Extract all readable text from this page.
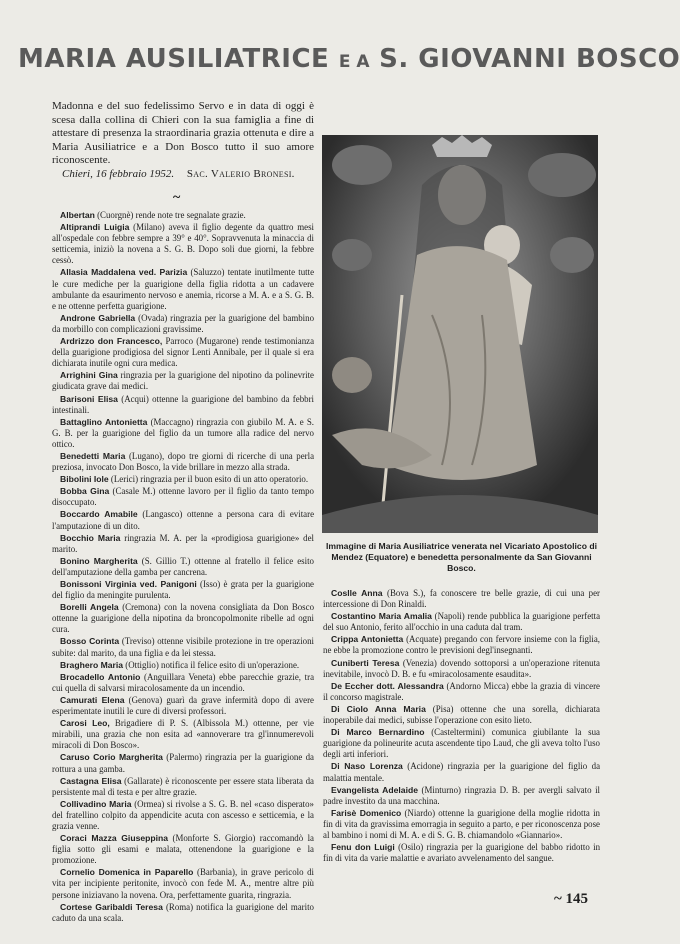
MARIA AUSILIATRICE E A S. GIOVANNI BOSCO
Madonna e del suo fedelissimo Servo e in data di oggi è scesa dalla collina di Chieri con la sua famiglia a fine di attestare di presenza la straordinaria grazia ottenuta e dire a Maria Ausiliatrice e a Don Bosco tutto il suo amore riconoscente.
Chieri, 16 febbraio 1952. Sac. Valerio Bronesi.
~
Albertan (Cuorgnè) rende note tre segnalate grazie.
Altiprandi Luigia (Milano) aveva il figlio degente da quattro mesi all'ospedale con febbre sempre a 39° e 40°. Sopravvenuta la minaccia di setticemia, iniziò la novena a S. G. B. Dopo soli due giorni, la febbre cessò.
Allasia Maddalena ved. Parizia (Saluzzo) tentate inutilmente tutte le cure mediche per la guarigione della figlia ridotta a un cadavere ambulante da esaurimento nervoso e anemia, ricorse a M. A. e a S. G. B. e ne ottenne perfetta guarigione.
Androne Gabriella (Ovada) ringrazia per la guarigione del bambino da morbillo con complicazioni gravissime.
Ardrizzo don Francesco, Parroco (Mugarone) rende testimonianza della guarigione prodigiosa del signor Lenti Annibale, per il quale si era dichiarata inutile ogni cura medica.
Arrighini Gina ringrazia per la guarigione del nipotino da polinevrite giudicata grave dai medici.
Barisoni Elisa (Acqui) ottenne la guarigione del bambino da febbri intestinali.
Battaglino Antonietta (Maccagno) ringrazia con giubilo M. A. e S. G. B. per la guarigione del figlio da un tumore alla radice del nervo ottico.
Benedetti Maria (Lugano), dopo tre giorni di ricerche di una perla preziosa, invocato Don Bosco, la vide brillare in mezzo alla strada.
Bibolini Iole (Lerici) ringrazia per il buon esito di un atto operatorio.
Bobba Gina (Casale M.) ottenne lavoro per il figlio da tanto tempo disoccupato.
Boccardo Amabile (Langasco) ottenne a persona cara di evitare l'amputazione di un dito.
Bocchio Maria ringrazia M. A. per la «prodigiosa guarigione» del marito.
Bonino Margherita (S. Gillio T.) ottenne al fratello il felice esito dell'amputazione della gamba per cancrena.
Bonissoni Virginia ved. Panigoni (Isso) è grata per la guarigione del figlio da meningite purulenta.
Borelli Angela (Cremona) con la novena consigliata da Don Bosco ottenne la guarigione della nipotina da broncopolmonite ribelle ad ogni cura.
Bosso Corinta (Treviso) ottenne visibile protezione in tre operazioni subite: dal marito, da una figlia e da lei stessa.
Braghero Maria (Ottiglio) notifica il felice esito di un'operazione.
Brocadello Antonio (Anguillara Veneta) ebbe parecchie grazie, tra cui quella di salvarsi miracolosamente da un incendio.
Camurati Elena (Genova) guarì da grave infermità dopo di avere esperimentate inutili le cure di diversi professori.
Carosi Leo, Brigadiere di P. S. (Albissola M.) ottenne, per vie mirabili, una grazia che non esita ad «annoverare tra gl'innumerevoli miracoli di Don Bosco».
Caruso Corio Margherita (Palermo) ringrazia per la guarigione da rottura a una gamba.
Castagna Elisa (Gallarate) è riconoscente per essere stata liberata da persistente mal di testa e per altre grazie.
Collivadino Maria (Ormea) si rivolse a S. G. B. nel «caso disperato» del fratellino colpito da appendicite acuta con ascesso e setticemia, e la grazia venne.
Coraci Mazza Giuseppina (Monforte S. Giorgio) raccomandò la figlia sotto gli esami e malata, ottenendone la guarigione e la promozione.
Cornelio Domenica in Paparello (Barbania), in grave pericolo di vita per incipiente peritonite, invocò con fede M. A., mentre altre più persone iniziavano la novena. Ora, perfettamente guarita, ringrazia.
Cortese Garibaldi Teresa (Roma) notifica la guarigione del marito caduto da una scala.
Immagine di Maria Ausiliatrice venerata nel Vicariato Apostolico di Mendez (Equatore) e benedetta personalmente da San Giovanni Bosco.
Coslle Anna (Bova S.), fa conoscere tre belle grazie, di cui una per intercessione di Don Rinaldi.
Costantino Maria Amalia (Napoli) rende pubblica la guarigione perfetta del suo Antonio, ferito all'occhio in una caduta dal tram.
Crippa Antonietta (Acquate) pregando con fervore insieme con la figlia, ne ebbe la promozione contro le previsioni degl'insegnanti.
Cuniberti Teresa (Venezia) dovendo sottoporsi a un'operazione ritenuta inevitabile, invocò D. B. e fu «miracolosamente esaudita».
De Eccher dott. Alessandra (Andorno Micca) ebbe la grazia di vincere il concorso magistrale.
Di Ciolo Anna Maria (Pisa) ottenne che una sorella, dichiarata inoperabile dai medici, subisse l'operazione con esito lieto.
Di Marco Bernardino (Casteltermini) comunica giubilante la sua guarigione da polineurite acuta ascendente tipo Laud, che gli aveva tolto l'uso degli arti inferiori.
Di Naso Lorenza (Acidone) ringrazia per la guarigione del figlio da malattia mentale.
Evangelista Adelaide (Minturno) ringrazia D. B. per avergli salvato il padre investito da una macchina.
Farisè Domenico (Niardo) ottenne la guarigione della moglie ridotta in fin di vita da gravissima emorragia in seguito a parto, e per riconoscenza pose al bambino i nomi di M. A. e di S. G. B. chiamandolo «Giannario».
Fenu don Luigi (Osilo) ringrazia per la guarigione del babbo ridotto in fin di vita da varie malattie e avariato avvelenamento del sangue.
~ 145
